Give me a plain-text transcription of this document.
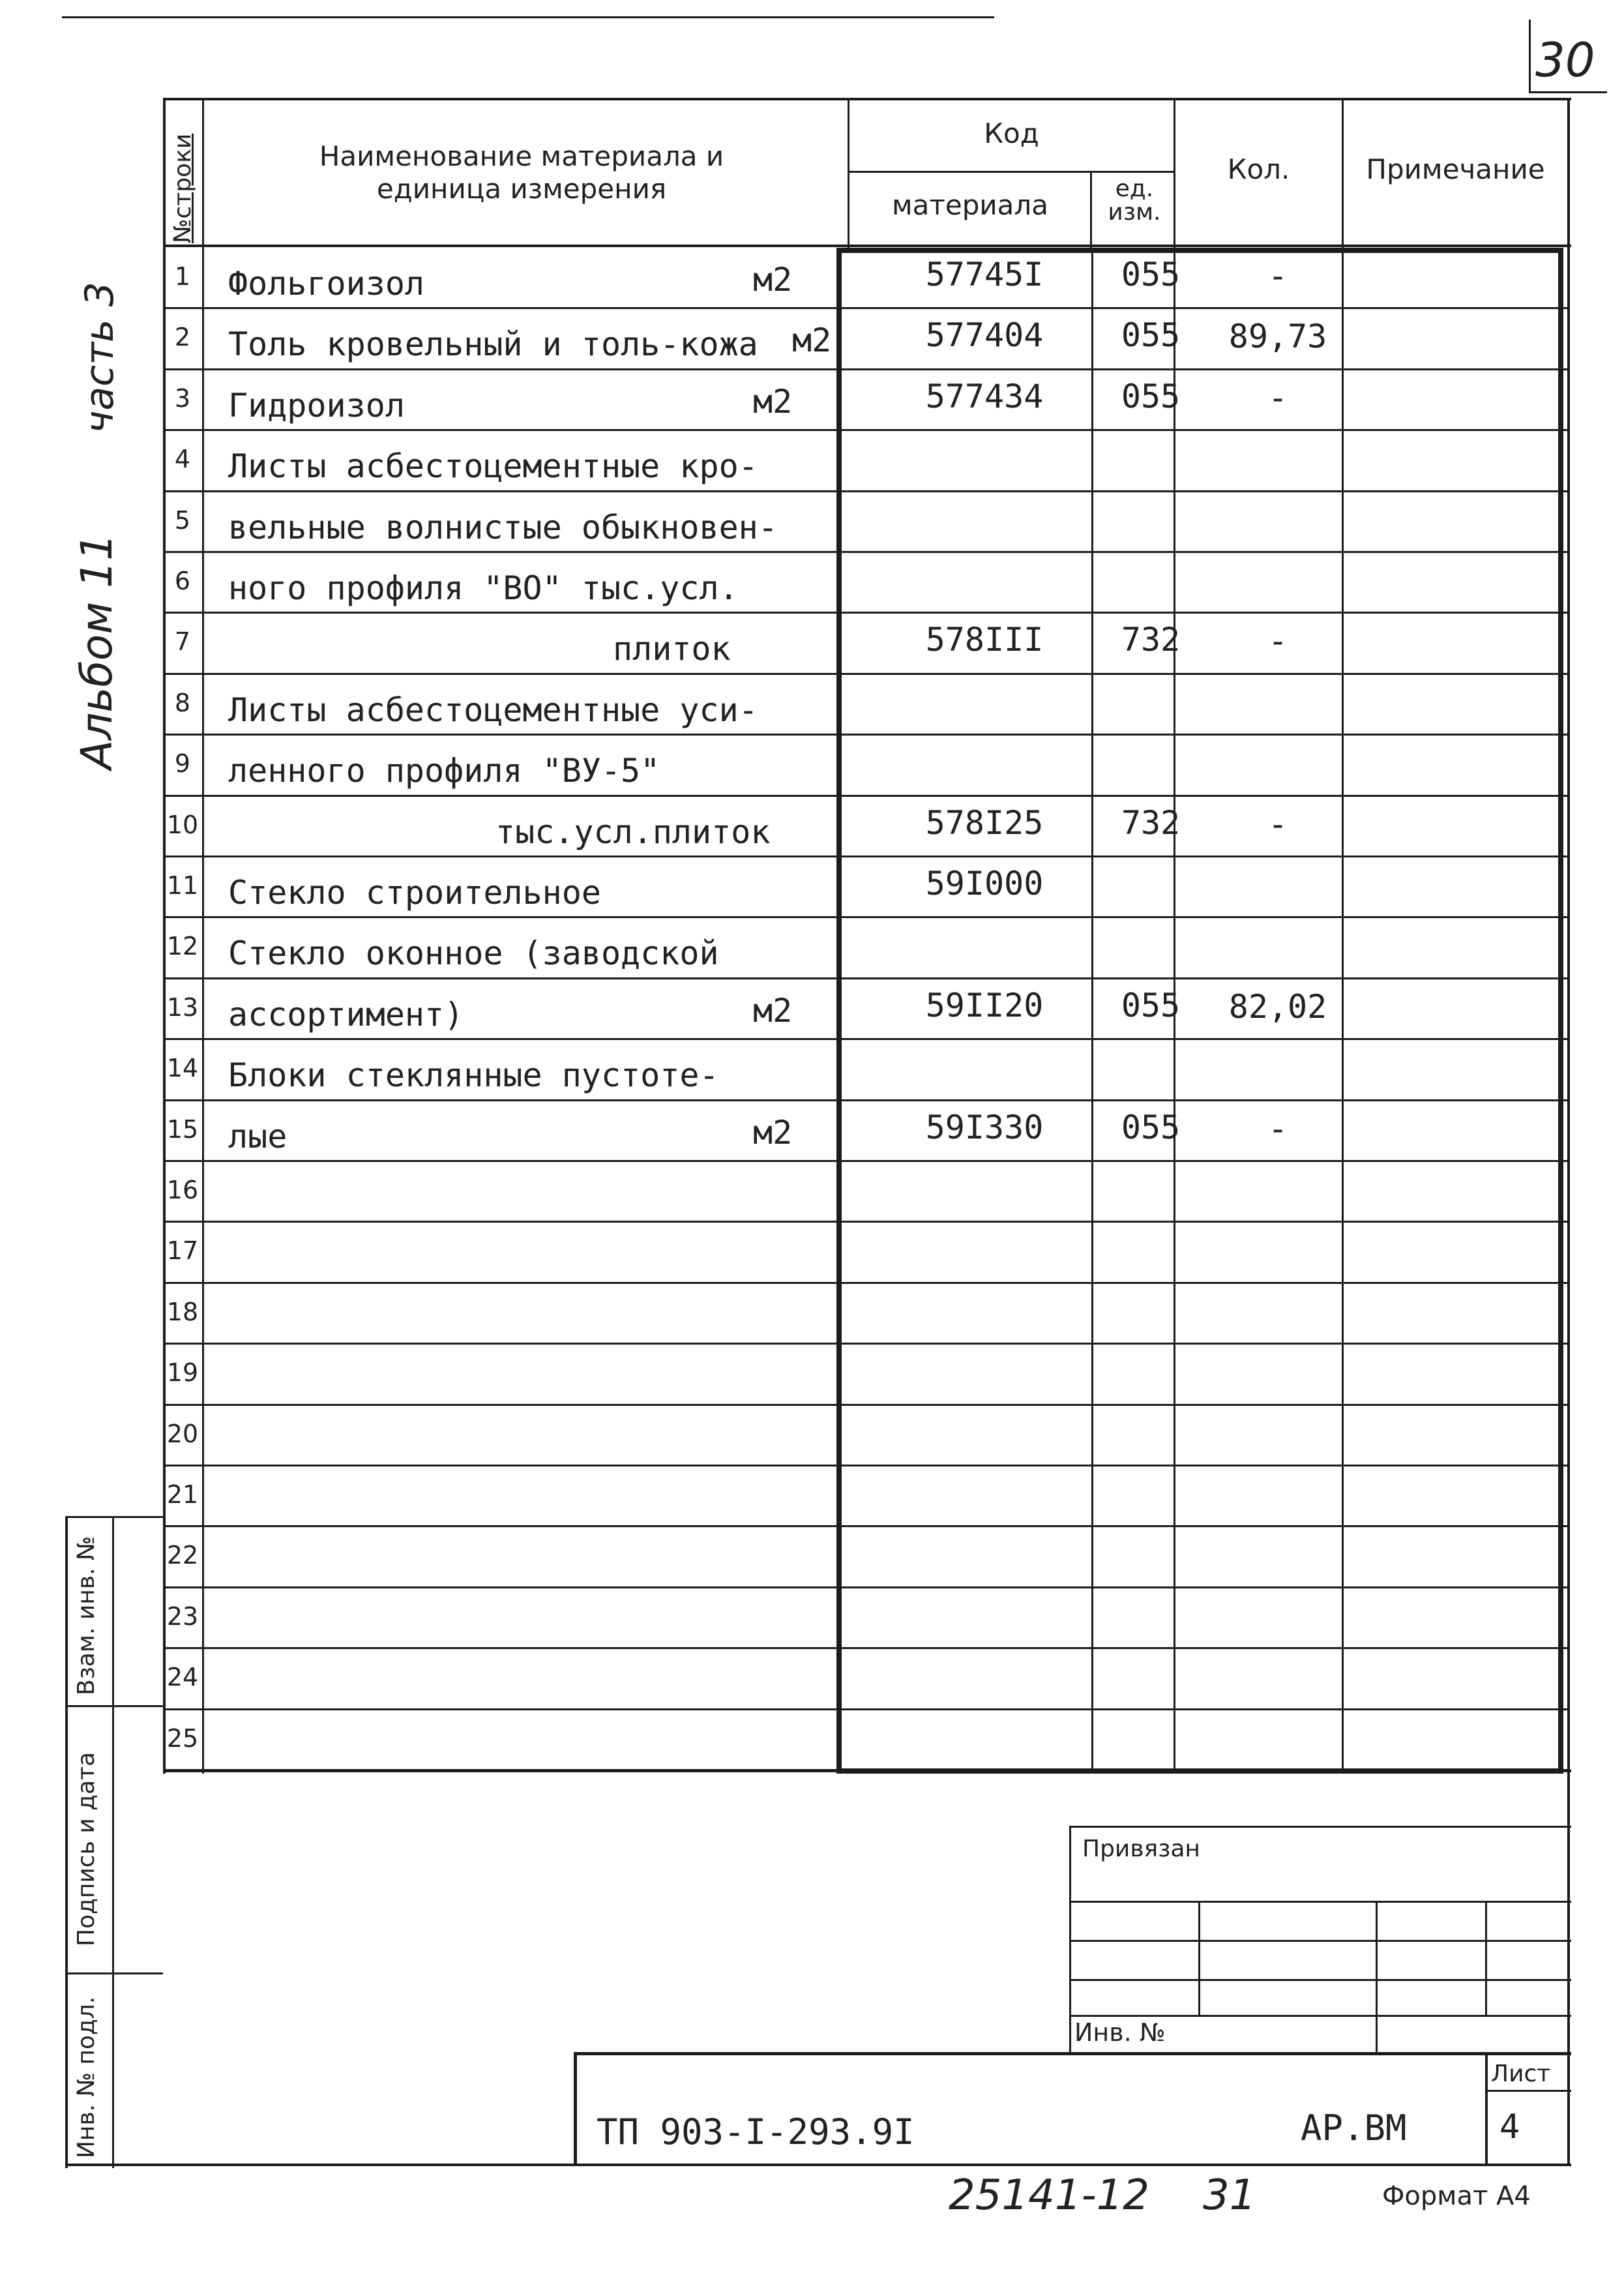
30
Альбом 11
часть 3
№строки	Наименование материала и единица измерения
Код
материала
ед. изм.
Кол.	Примечание
1	Фольгоизол	м2	57745I	055	-
2	Толь кровельный и толь-кожа м2	577404	055	89,73
3	Гидроизол	м2	577434	055	-
4	Листы асбестоцементные кро-
5	вельные волнистые обыкновен-
6	ного профиля "ВО" тыс.усл.
7	плиток	578III	732	-
8	Листы асбестоцементные уси-
9	ленного профиля "ВУ-5"
10	тыс.усл.плиток	578I25	732	-
11 Стекло строительное	59I000
12 Стекло оконное (заводской
13 ассортимент)	м2	59II20	055	82,02
14 Блоки стеклянные пустоте-
15 лые	м2	59I330	055	-
16
17
18
19
20
21
22
23
24
25
Взам. инв. №
Подпись и дата
Инв. № подл.
Привязан
Инв. №
Лист
4
ТП 903-I-293.9I	АР.ВМ
25141-12 31	Формат А4
